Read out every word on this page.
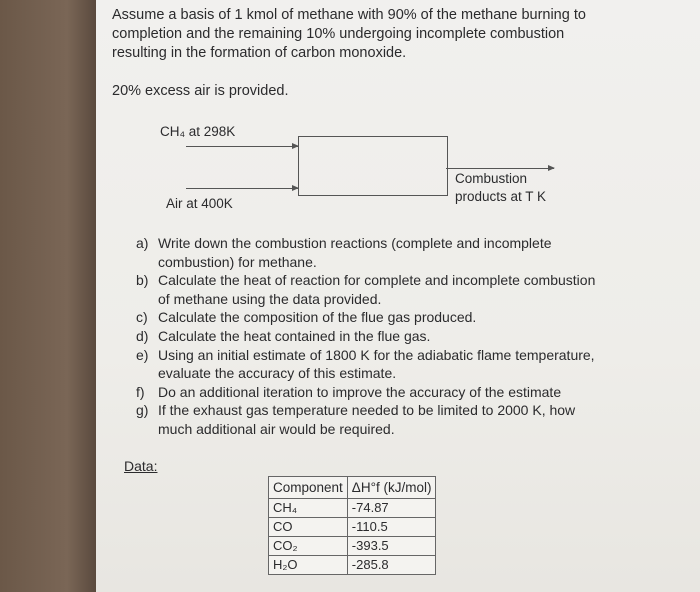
Assume a basis of 1 kmol of methane with 90% of the methane burning to completion and the remaining 10% undergoing incomplete combustion resulting in the formation of carbon monoxide.
20% excess air is provided.
CH₄ at 298K
Air at 400K
Combustion
products at T K
a) Write down the combustion reactions (complete and incomplete combustion) for methane.
b) Calculate the heat of reaction for complete and incomplete combustion of methane using the data provided.
c) Calculate the composition of the flue gas produced.
d) Calculate the heat contained in the flue gas.
e) Using an initial estimate of 1800 K for the adiabatic flame temperature, evaluate the accuracy of this estimate.
f) Do an additional iteration to improve the accuracy of the estimate
g) If the exhaust gas temperature needed to be limited to 2000 K, how much additional air would be required.
Data:
Component	ΔH°f (kJ/mol)
CH₄	-74.87
CO	-110.5
CO₂	-393.5
H₂O	-285.8
